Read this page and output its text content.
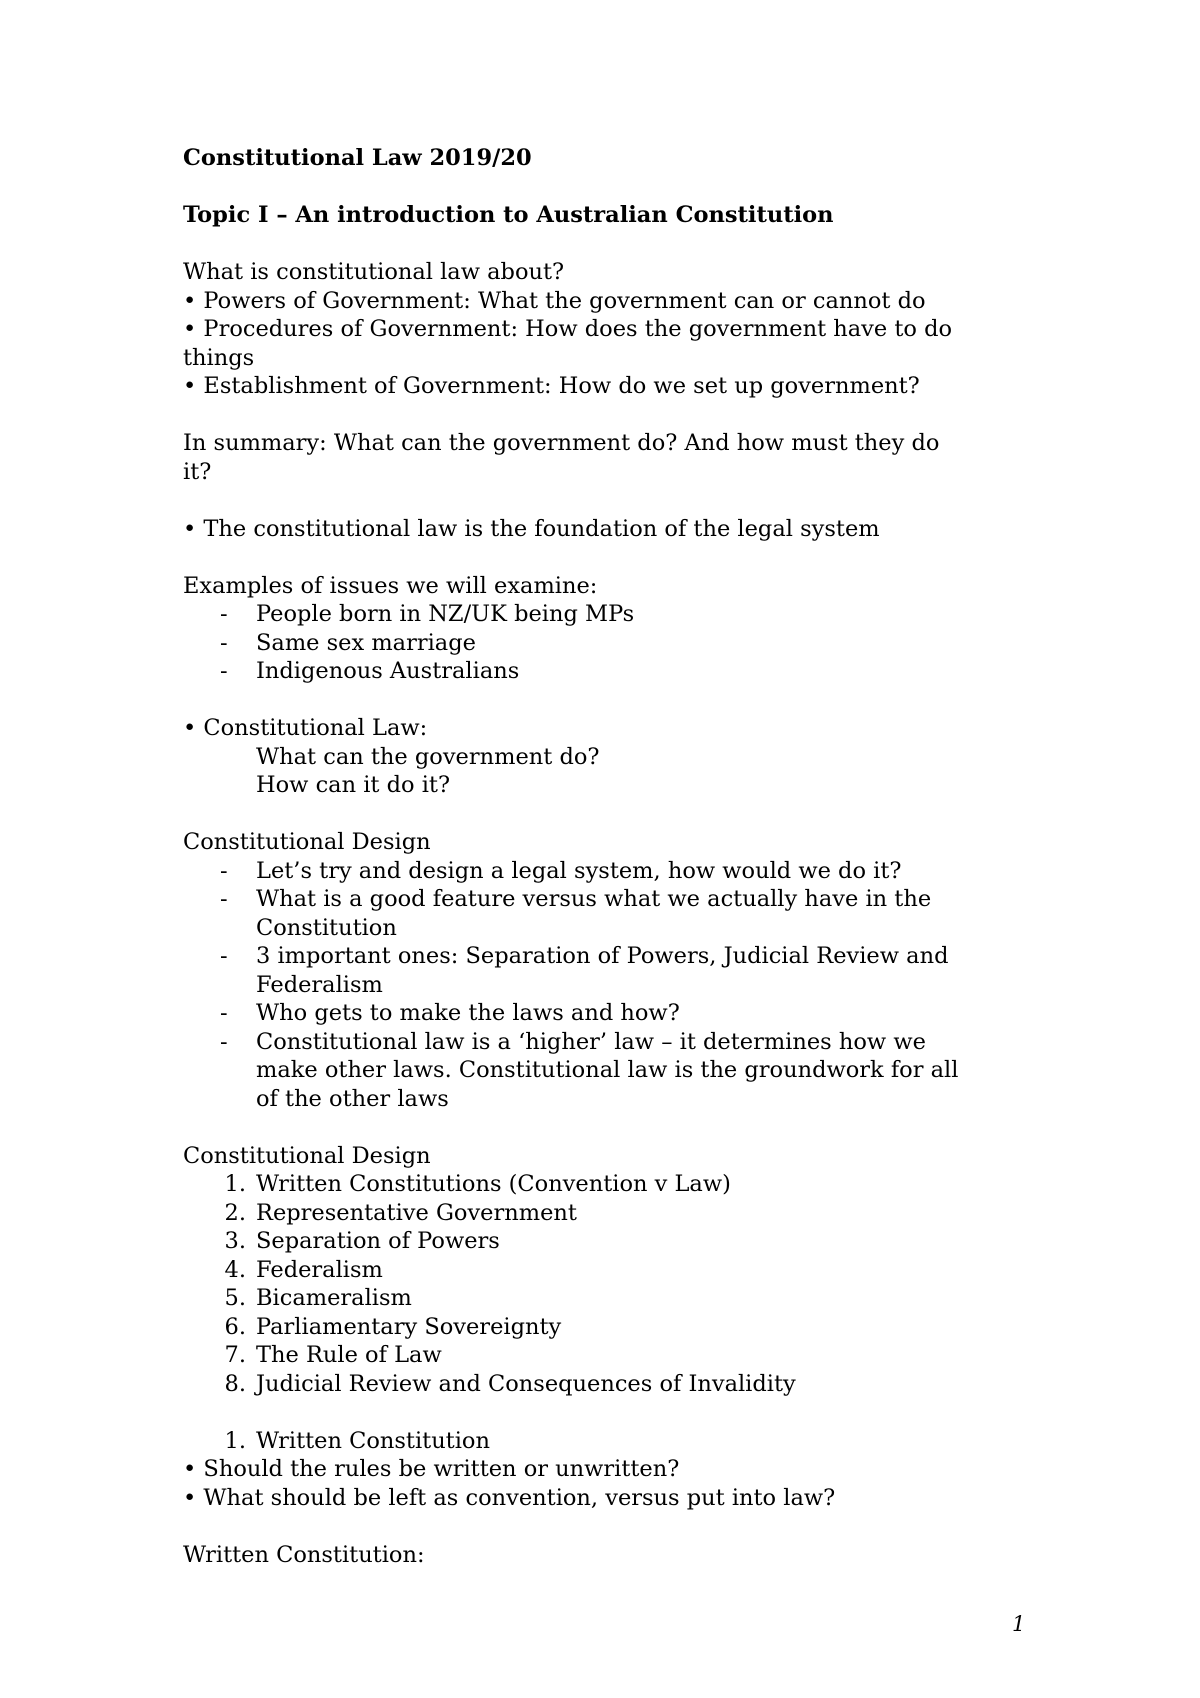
Constitutional Law 2019/20
Topic I – An introduction to Australian Constitution
What is constitutional law about?
• Powers of Government: What the government can or cannot do
• Procedures of Government: How does the government have to do
things
• Establishment of Government: How do we set up government?
In summary: What can the government do? And how must they do
it?
• The constitutional law is the foundation of the legal system
Examples of issues we will examine:
- People born in NZ/UK being MPs
- Same sex marriage
- Indigenous Australians
• Constitutional Law:
What can the government do?
How can it do it?
Constitutional Design
- Let’s try and design a legal system, how would we do it?
- What is a good feature versus what we actually have in the
Constitution
- 3 important ones: Separation of Powers, Judicial Review and
Federalism
- Who gets to make the laws and how?
- Constitutional law is a ‘higher’ law – it determines how we
make other laws. Constitutional law is the groundwork for all
of the other laws
Constitutional Design
1. Written Constitutions (Convention v Law)
2. Representative Government
3. Separation of Powers
4. Federalism
5. Bicameralism
6. Parliamentary Sovereignty
7. The Rule of Law
8. Judicial Review and Consequences of Invalidity
1. Written Constitution
• Should the rules be written or unwritten?
• What should be left as convention, versus put into law?
Written Constitution:
1
